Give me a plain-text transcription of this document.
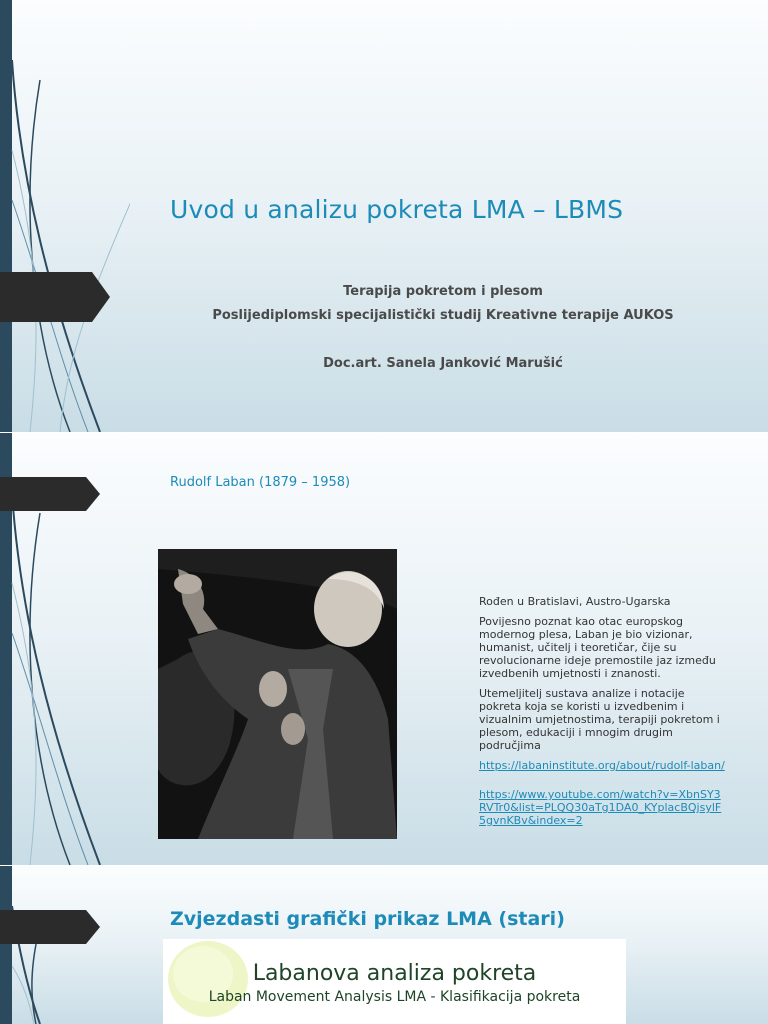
Uvod u analizu pokreta LMA – LBMS
Terapija pokretom i plesom
Poslijediplomski specijalistički studij Kreativne terapije AUKOS
Doc.art. Sanela Janković Marušić
Rudolf Laban (1879 – 1958)
Rođen u Bratislavi, Austro-Ugarska
Povijesno poznat kao otac europskog modernog plesa, Laban je bio vizionar, humanist, učitelj i teoretičar, čije su revolucionarne ideje premostile jaz između izvedbenih umjetnosti i znanosti.
Utemeljitelj sustava analize i notacije pokreta koja se koristi u izvedbenim i vizualnim umjetnostima, terapiji pokretom i plesom, edukaciji i mnogim drugim područjima
https://labaninstitute.org/about/rudolf-laban/
https://www.youtube.com/watch?v=XbnSY3RVTr0&list=PLQQ30aTg1DA0_KYplacBQjsylF5gvnKBv&index=2
Zvjezdasti grafički prikaz LMA (stari)
Labanova analiza pokreta
Laban Movement Analysis LMA - Klasifikacija pokreta
